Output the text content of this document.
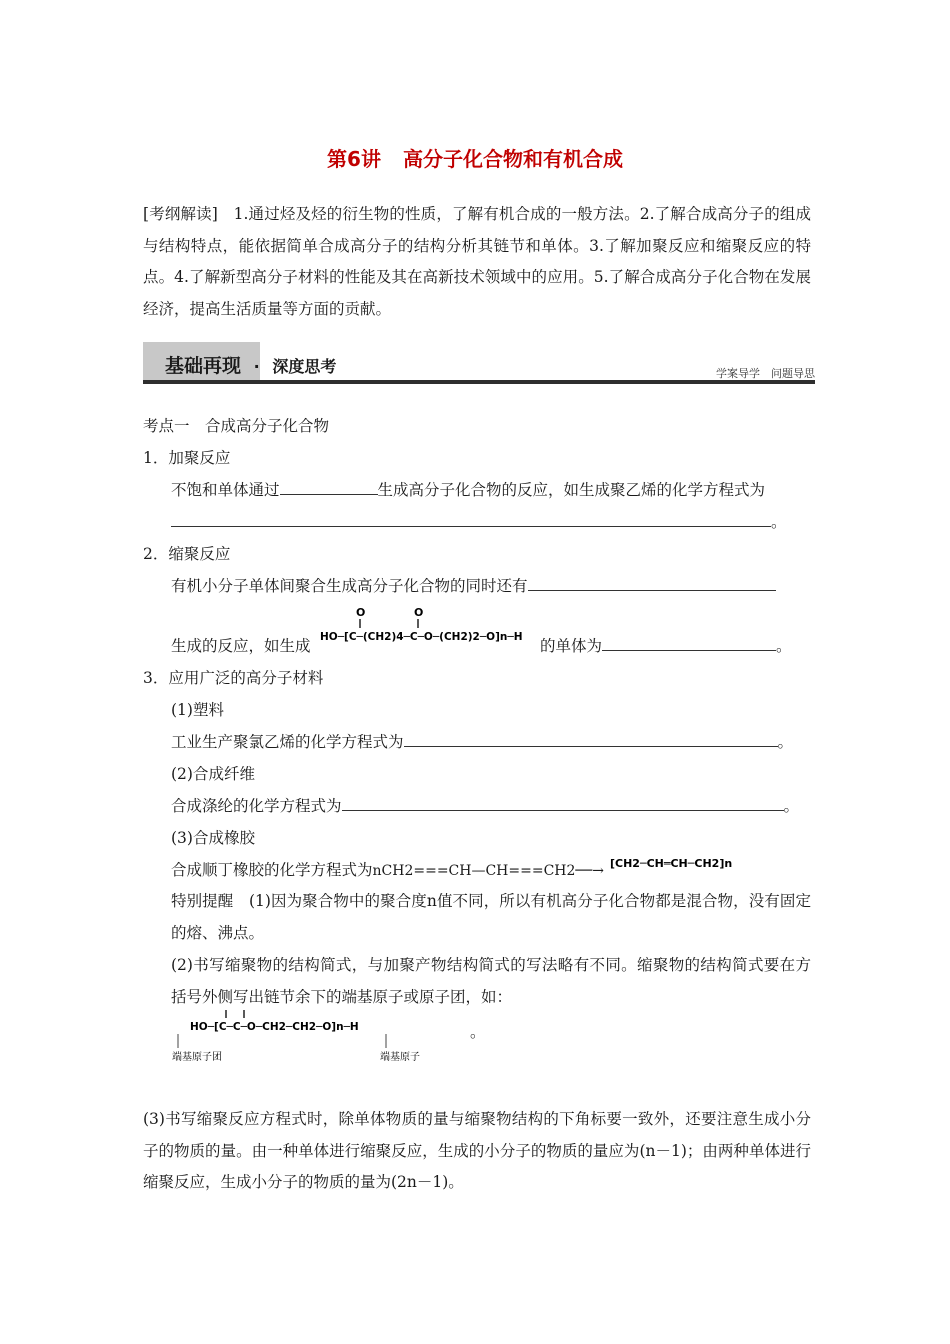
第6讲 高分子化合物和有机合成
[考纲解读]　1.通过烃及烃的衍生物的性质，了解有机合成的一般方法。2.了解合成高分子的组成与结构特点，能依据简单合成高分子的结构分析其链节和单体。3.了解加聚反应和缩聚反应的特点。4.了解新型高分子材料的性能及其在高新技术领域中的应用。5.了解合成高分子化合物在发展经济，提高生活质量等方面的贡献。
基础再现 · 深度思考	学案导学　问题导思
考点一　合成高分子化合物
1．加聚反应
不饱和单体通过	生成高分子化合物的反应，如生成聚乙烯的化学方程式为
。
2．缩聚反应
有机小分子单体间聚合生成高分子化合物的同时还有
生成的反应，如生成
O	O
HO─[C─(CH2)4─C─O─(CH2)2─O]n─H 的单体为	。
3．应用广泛的高分子材料
(1)塑料
工业生产聚氯乙烯的化学方程式为	。
(2)合成纤维
合成涤纶的化学方程式为	。
(3)合成橡胶
合成顺丁橡胶的化学方程式为nCH2===CH—CH===CH2──→ [CH2─CH═CH─CH2]n
特别提醒　(1)因为聚合物中的聚合度n值不同，所以有机高分子化合物都是混合物，没有固定的熔、沸点。
(2)书写缩聚物的结构简式，与加聚产物结构简式的写法略有不同。缩聚物的结构简式要在方括号外侧写出链节余下的端基原子或原子团，如：
HO─[C─C─O─CH2─CH2─O]n─H
端基原子团	端基原子
。
(3)书写缩聚反应方程式时，除单体物质的量与缩聚物结构的下角标要一致外，还要注意生成小分子的物质的量。由一种单体进行缩聚反应，生成的小分子的物质的量应为(n－1)；由两种单体进行缩聚反应，生成小分子的物质的量为(2n－1)。
